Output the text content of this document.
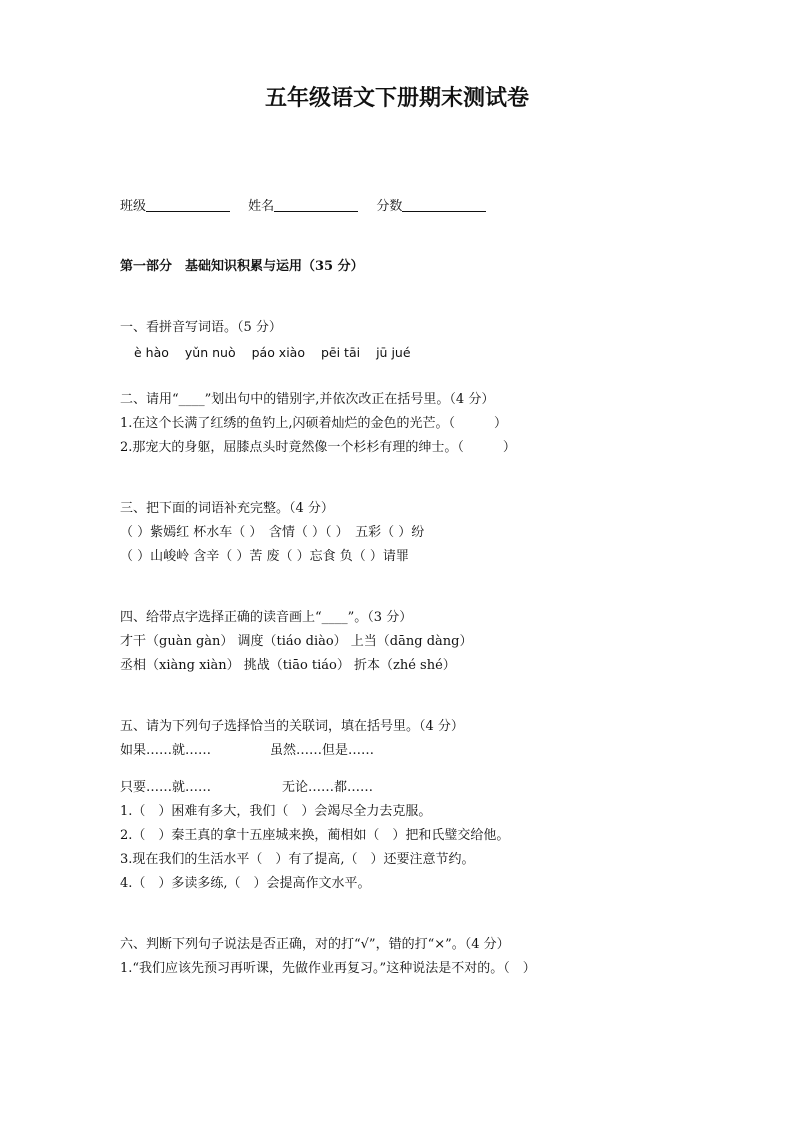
五年级语文下册期末测试卷
班级	姓名	分数
第一部分　基础知识积累与运用（35 分）
一、看拼音写词语。（5 分）
è hào yǔn nuò páo xiào pēi tāi jū jué
二、请用“____”划出句中的错别字,并依次改正在括号里。（4 分）
1.在这个长满了红绣的鱼钓上,闪硕着灿烂的金色的光芒。（　　　）
2.那宠大的身躯，屈膝点头时竟然像一个杉杉有理的绅士。（　　　）
三、把下面的词语补充完整。（4 分）
（ ）紫嫣红 杯水车（ ）　含情（ ）（ ）　五彩（ ）纷
（ ）山峻岭 含辛（ ）苦 废（ ）忘食 负（ ）请罪
四、给带点字选择正确的读音画上“____”。（3 分）
才干（guàn gàn） 调度（tiáo diào） 上当（dāng dàng）
丞相（xiàng xiàn） 挑战（tiāo tiáo） 折本（zhé shé）
五、请为下列句子选择恰当的关联词，填在括号里。（4 分）
如果……就……	虽然……但是……
只要……就……	无论……都……
1.（　）困难有多大，我们（　）会竭尽全力去克服。
2.（　）秦王真的拿十五座城来换，蔺相如（　）把和氏璧交给他。
3.现在我们的生活水平（　）有了提高,（　）还要注意节约。
4.（　）多读多练,（　）会提高作文水平。
六、判断下列句子说法是否正确，对的打“√”，错的打“×”。（4 分）
1.“我们应该先预习再听课，先做作业再复习。”这种说法是不对的。（　）
